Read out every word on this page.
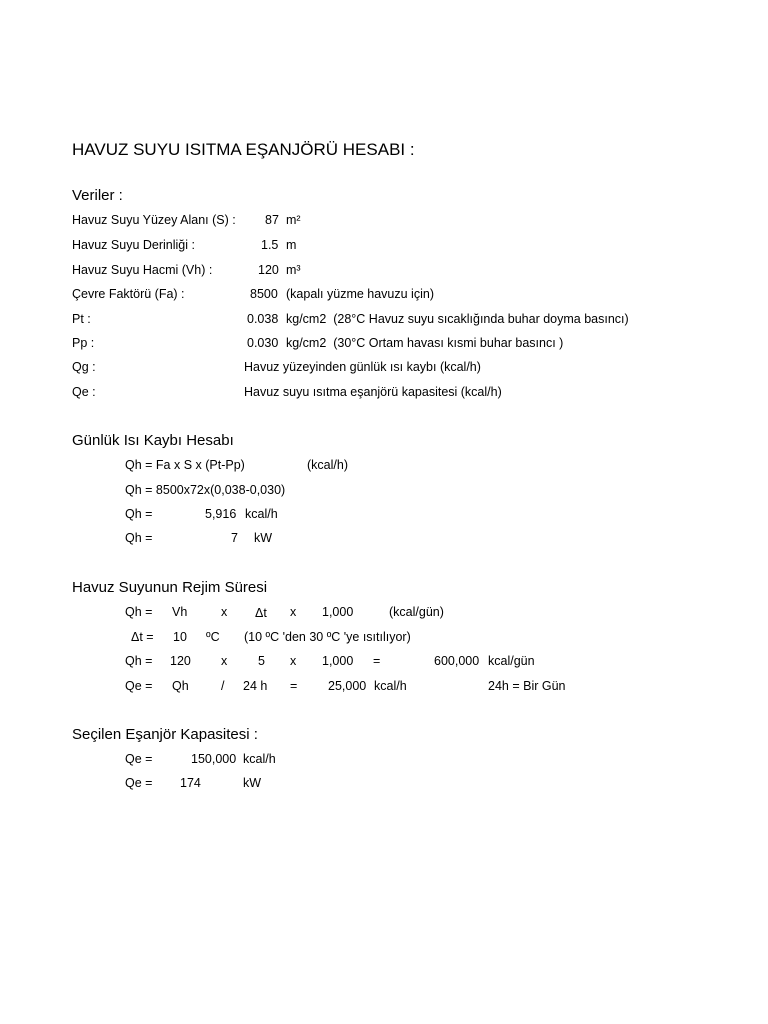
HAVUZ SUYU ISITMA EŞANJÖRÜ HESABI :
Veriler :
Havuz Suyu Yüzey Alanı (S) : 87 m²
Havuz Suyu Derinliği :	1.5 m
Havuz Suyu Hacmi (Vh) :	120 m³
Çevre Faktörü (Fa) :	8500 (kapalı yüzme havuzu için)
Pt :	0.038 kg/cm2  (28°C Havuz suyu sıcaklığında buhar doyma basıncı)
Pp :	0.030 kg/cm2  (30°C Ortam havası kısmi buhar basıncı )
Qg :	Havuz yüzeyinden günlük ısı kaybı (kcal/h)
Qe :	Havuz suyu ısıtma eşanjörü kapasitesi (kcal/h)
Günlük Isı Kaybı Hesabı
Qh = Fa x S x (Pt-Pp)	(kcal/h)
Qh = 8500x72x(0,038-0,030)
Qh =	5,916 kcal/h
Qh =	7 kW
Havuz Suyunun Rejim Süresi
Qh = Vh	x Δt x 1,000	(kcal/gün)
Δt = 10 ºC (10 ºC 'den 30 ºC 'ye ısıtılıyor)
Qh = 120 x 5 x 1,000 =	600,000 kcal/gün
Qe = Qh	/ 24 h = 25,000 kcal/h	24h = Bir Gün
Seçilen Eşanjör Kapasitesi :
Qe =	150,000 kcal/h
Qe = 174	kW
